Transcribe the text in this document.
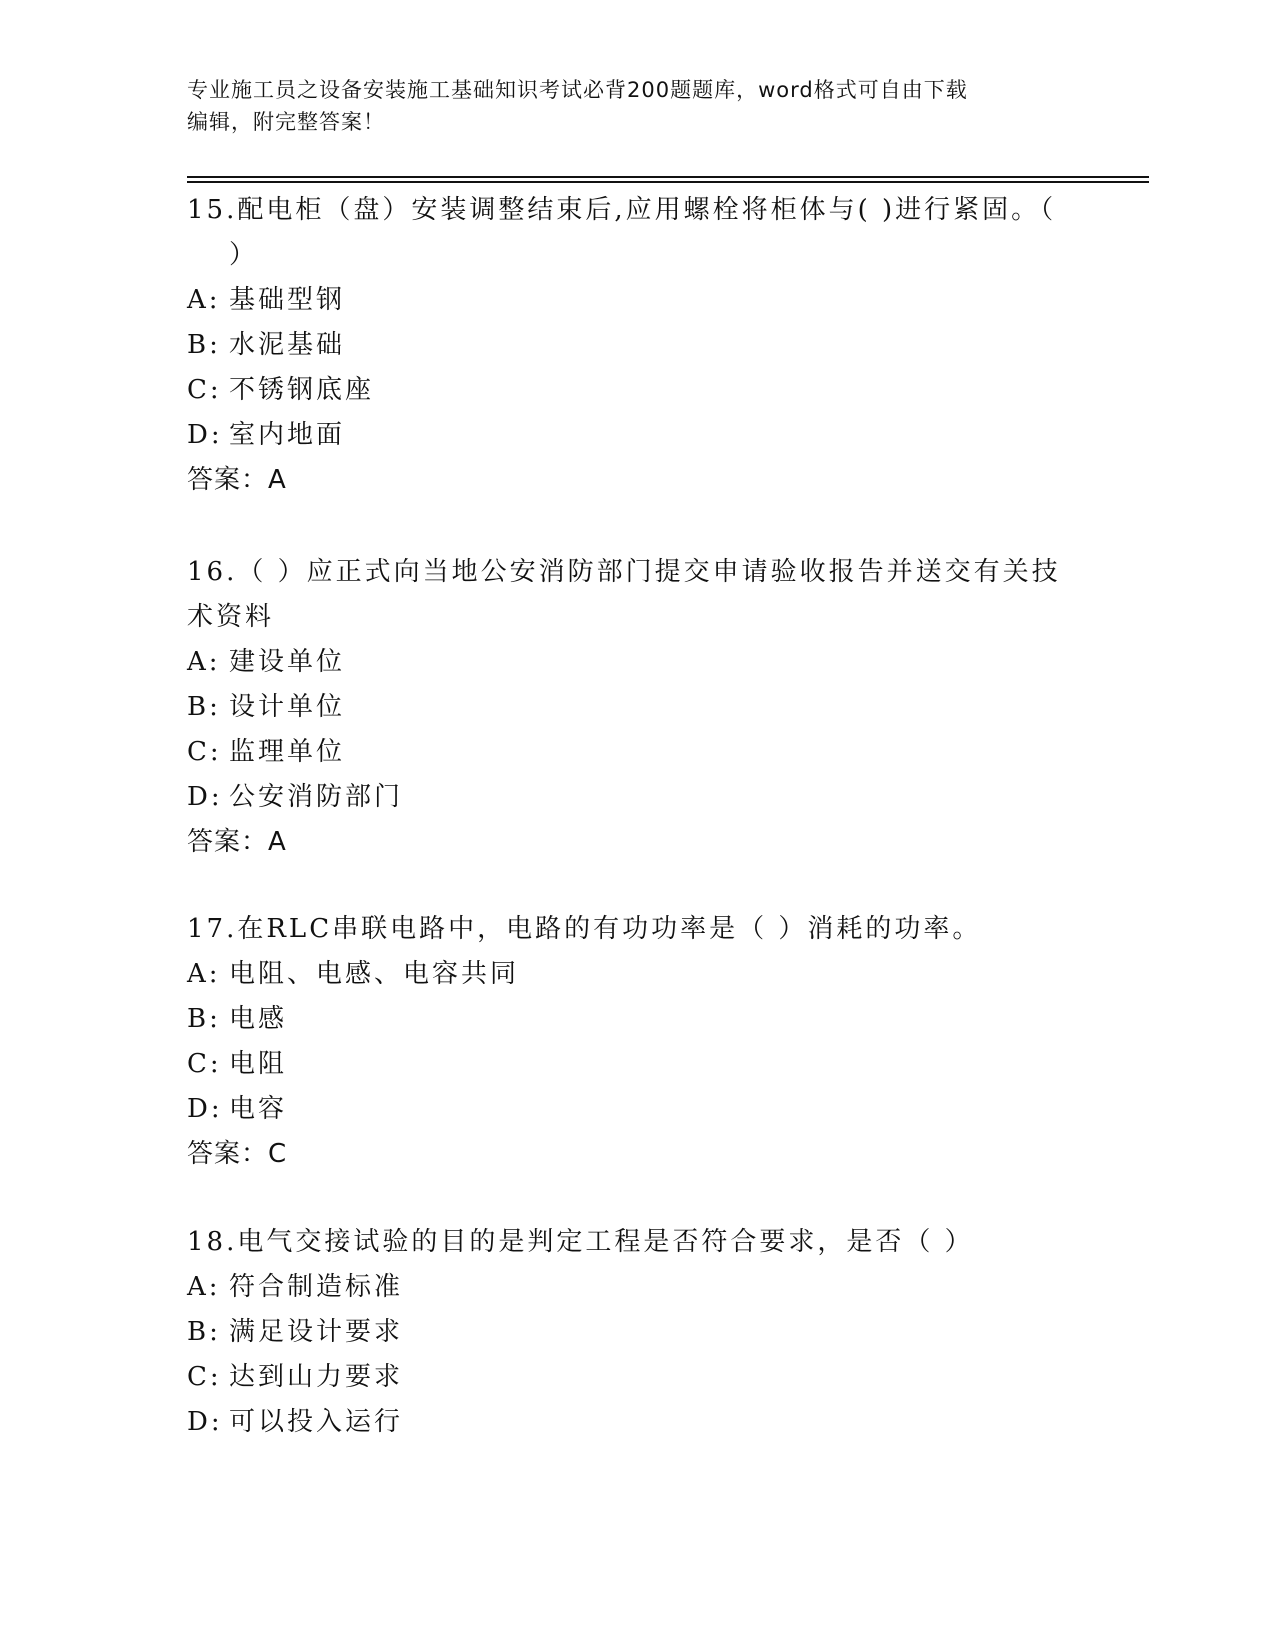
专业施工员之设备安装施工基础知识考试必背200题题库，word格式可自由下载
编辑，附完整答案！

15.配电柜（盘）安装调整结束后,应用螺栓将柜体与( )进行紧固。（
）

A: 基础型钢

B: 水泥基础

C: 不锈钢底座

D: 室内地面

答案：A

16.（ ）应正式向当地公安消防部门提交申请验收报告并送交有关技
术资料

A: 建设单位

B: 设计单位

C: 监理单位

D: 公安消防部门

答案：A

17.在RLC串联电路中，电路的有功功率是（ ）消耗的功率。

A: 电阻、电感、电容共同

B: 电感

C: 电阻

D: 电容

答案：C

18.电气交接试验的目的是判定工程是否符合要求，是否（ ）

A: 符合制造标准

B: 满足设计要求

C: 达到山力要求

D: 可以投入运行
